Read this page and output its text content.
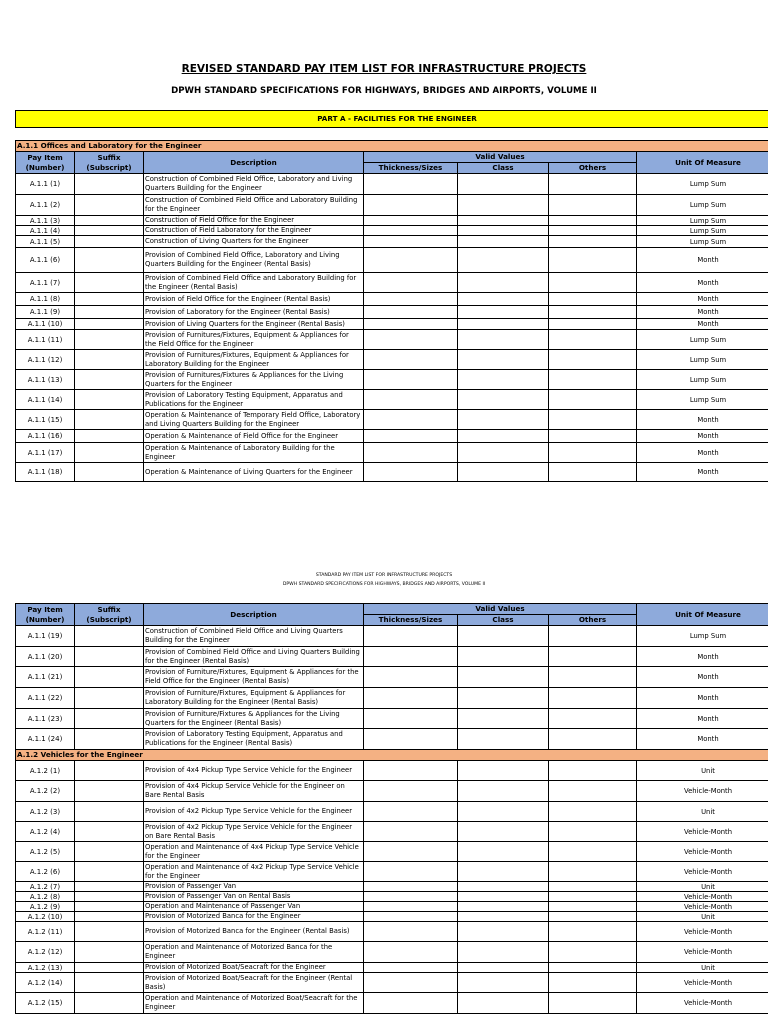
REVISED STANDARD PAY ITEM LIST FOR INFRASTRUCTURE PROJECTS
DPWH STANDARD SPECIFICATIONS FOR HIGHWAYS, BRIDGES AND AIRPORTS, VOLUME II
PART A - FACILITIES FOR THE ENGINEER
A.1.1 Offices and Laboratory for the Engineer						
Pay Item (Number)	Suffix (Subscript)	Description	Valid Values			Unit Of Measure
			Thickness/Sizes	Class	Others	
A.1.1 (1)		Construction of Combined Field Office, Laboratory and Living Quarters Building for the Engineer				Lump Sum
A.1.1 (2)		Construction of Combined Field Office and Laboratory Building for the Engineer				Lump Sum
A.1.1 (3)		Construction of Field Office for the Engineer				Lump Sum
A.1.1 (4)		Construction of Field Laboratory for the Engineer				Lump Sum
A.1.1 (5)		Construction of Living Quarters for the Engineer				Lump Sum
A.1.1 (6)		Provision of Combined Field Office, Laboratory and Living Quarters Building for the Engineer (Rental Basis)				Month
A.1.1 (7)		Provision of Combined Field Office and Laboratory Building for the Engineer (Rental Basis)				Month
A.1.1 (8)		Provision of Field Office for the Engineer (Rental Basis)				Month
A.1.1 (9)		Provision of Laboratory for the Engineer (Rental Basis)				Month
A.1.1 (10)		Provision of Living Quarters for the Engineer (Rental Basis)				Month
A.1.1 (11)		Provision of Furnitures/Fixtures, Equipment & Appliances for the Field Office for the Engineer				Lump Sum
A.1.1 (12)		Provision of Furnitures/Fixtures, Equipment & Appliances for Laboratory Building for the Engineer				Lump Sum
A.1.1 (13)		Provision of Furnitures/Fixtures & Appliances for the Living Quarters for the Engineer				Lump Sum
A.1.1 (14)		Provision of Laboratory Testing Equipment, Apparatus and Publications for the Engineer				Lump Sum
A.1.1 (15)		Operation & Maintenance of Temporary Field Office, Laboratory and Living Quarters Building for the Engineer				Month
A.1.1 (16)		Operation & Maintenance of Field Office for the Engineer				Month
A.1.1 (17)		Operation & Maintenance of Laboratory Building for the Engineer				Month
A.1.1 (18)		Operation & Maintenance of Living Quarters for the Engineer				Month
STANDARD PAY ITEM LIST FOR INFRASTRUCTURE PROJECTS
DPWH STANDARD SPECIFICATIONS FOR HIGHWAYS, BRIDGES AND AIRPORTS, VOLUME II
Pay Item (Number)	Suffix (Subscript)	Description	Valid Values			Unit Of Measure
			Thickness/Sizes	Class	Others	
A.1.1 (19)		Construction of Combined Field Office and Living Quarters Building for the Engineer				Lump Sum
A.1.1 (20)		Provision of Combined Field Office and Living Quarters Building for the Engineer (Rental Basis)				Month
A.1.1 (21)		Provision of Furniture/Fixtures, Equipment & Appliances for the Field Office for the Engineer (Rental Basis)				Month
A.1.1 (22)		Provision of Furniture/Fixtures, Equipment & Appliances for Laboratory Building for the Engineer (Rental Basis)				Month
A.1.1 (23)		Provision of Furniture/Fixtures & Appliances for the Living Quarters for the Engineer (Rental Basis)				Month
A.1.1 (24)		Provision of Laboratory Testing Equipment, Apparatus and Publications for the Engineer (Rental Basis)				Month
A.1.2 Vehicles for the Engineer						
A.1.2 (1)		Provision of 4x4 Pickup Type Service Vehicle for the Engineer				Unit
A.1.2 (2)		Provision of 4x4 Pickup Service Vehicle for the Engineer on Bare Rental Basis				Vehicle-Month
A.1.2 (3)		Provision of 4x2 Pickup Type Service Vehicle for the Engineer				Unit
A.1.2 (4)		Provision of 4x2 Pickup Type Service Vehicle for the Engineer on Bare Rental Basis				Vehicle-Month
A.1.2 (5)		Operation and Maintenance of 4x4 Pickup Type Service Vehicle for the Engineer				Vehicle-Month
A.1.2 (6)		Operation and Maintenance of 4x2 Pickup Type Service Vehicle for the Engineer				Vehicle-Month
A.1.2 (7)		Provision of Passenger Van				Unit
A.1.2 (8)		Provision of Passenger Van on Rental Basis				Vehicle-Month
A.1.2 (9)		Operation and Maintenance of Passenger Van				Vehicle-Month
A.1.2 (10)		Provision of Motorized Banca for the Engineer				Unit
A.1.2 (11)		Provision of Motorized Banca for the Engineer (Rental Basis)				Vehicle-Month
A.1.2 (12)		Operation and Maintenance of Motorized Banca for the Engineer				Vehicle-Month
A.1.2 (13)		Provision of Motorized Boat/Seacraft for the Engineer				Unit
A.1.2 (14)		Provision of Motorized Boat/Seacraft for the Engineer (Rental Basis)				Vehicle-Month
A.1.2 (15)		Operation and Maintenance of Motorized Boat/Seacraft for the Engineer				Vehicle-Month
